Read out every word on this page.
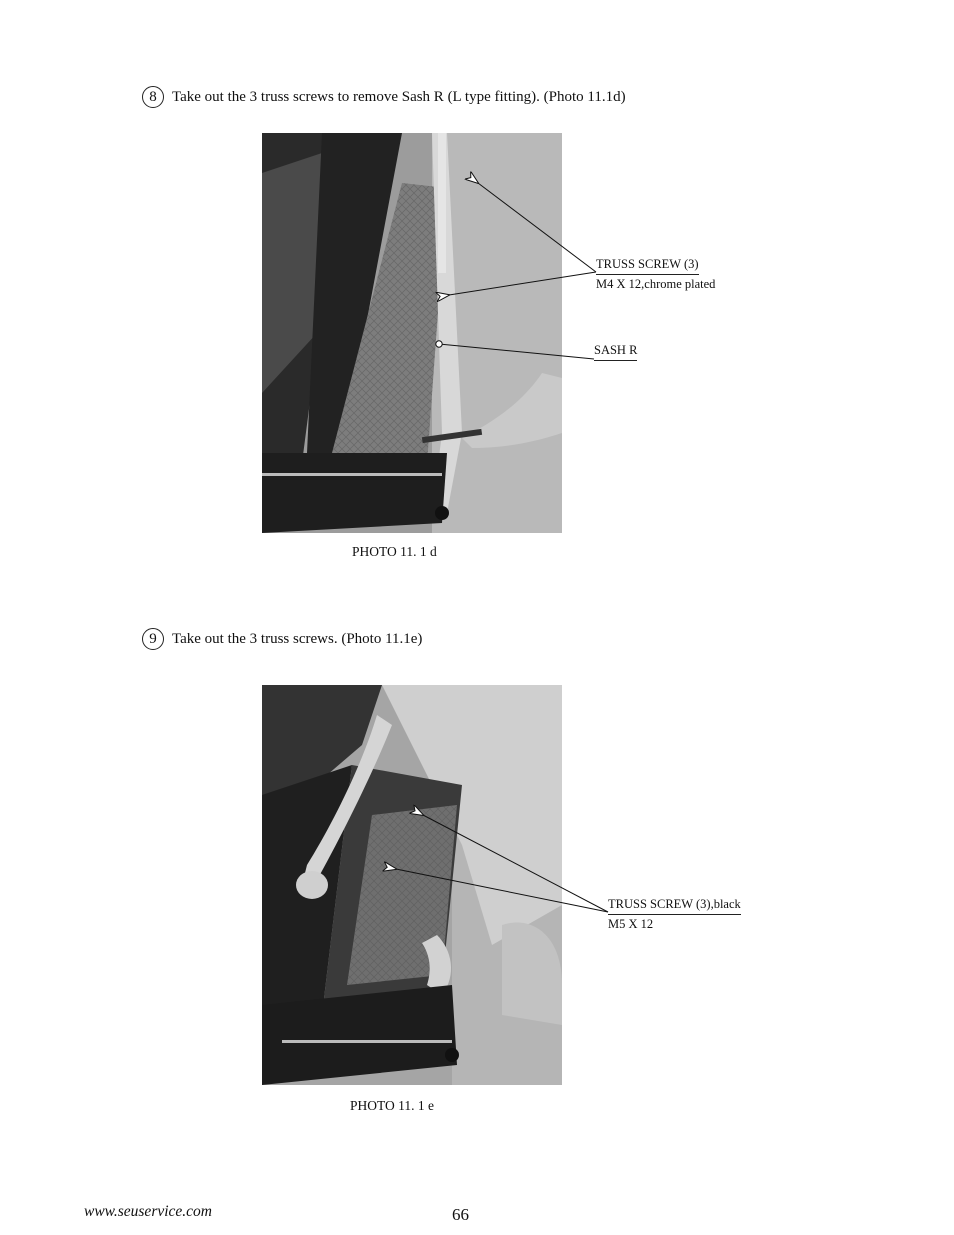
8	Take out the 3 truss screws to remove Sash R (L type fitting). (Photo 11.1d)
PHOTO 11. 1 d
TRUSS SCREW (3)
M4 X 12,chrome plated
SASH R
9	Take out the 3 truss screws. (Photo 11.1e)
PHOTO 11. 1 e
TRUSS SCREW (3),black
M5 X 12
www.seuservice.com	66
